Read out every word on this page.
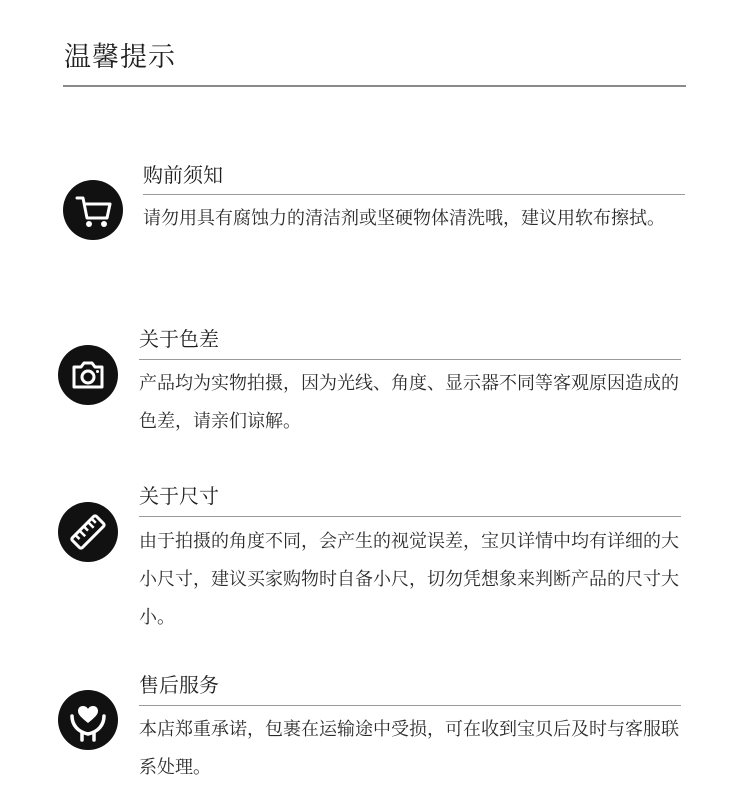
温馨提示
购前须知
请勿用具有腐蚀力的清洁剂或坚硬物体清洗哦，建议用软布擦拭。
关于色差
产品均为实物拍摄，因为光线、角度、显示器不同等客观原因造成的色差，请亲们谅解。
关于尺寸
由于拍摄的角度不同，会产生的视觉误差，宝贝详情中均有详细的大小尺寸，建议买家购物时自备小尺，切勿凭想象来判断产品的尺寸大小。
售后服务
本店郑重承诺，包裹在运输途中受损，可在收到宝贝后及时与客服联系处理。
